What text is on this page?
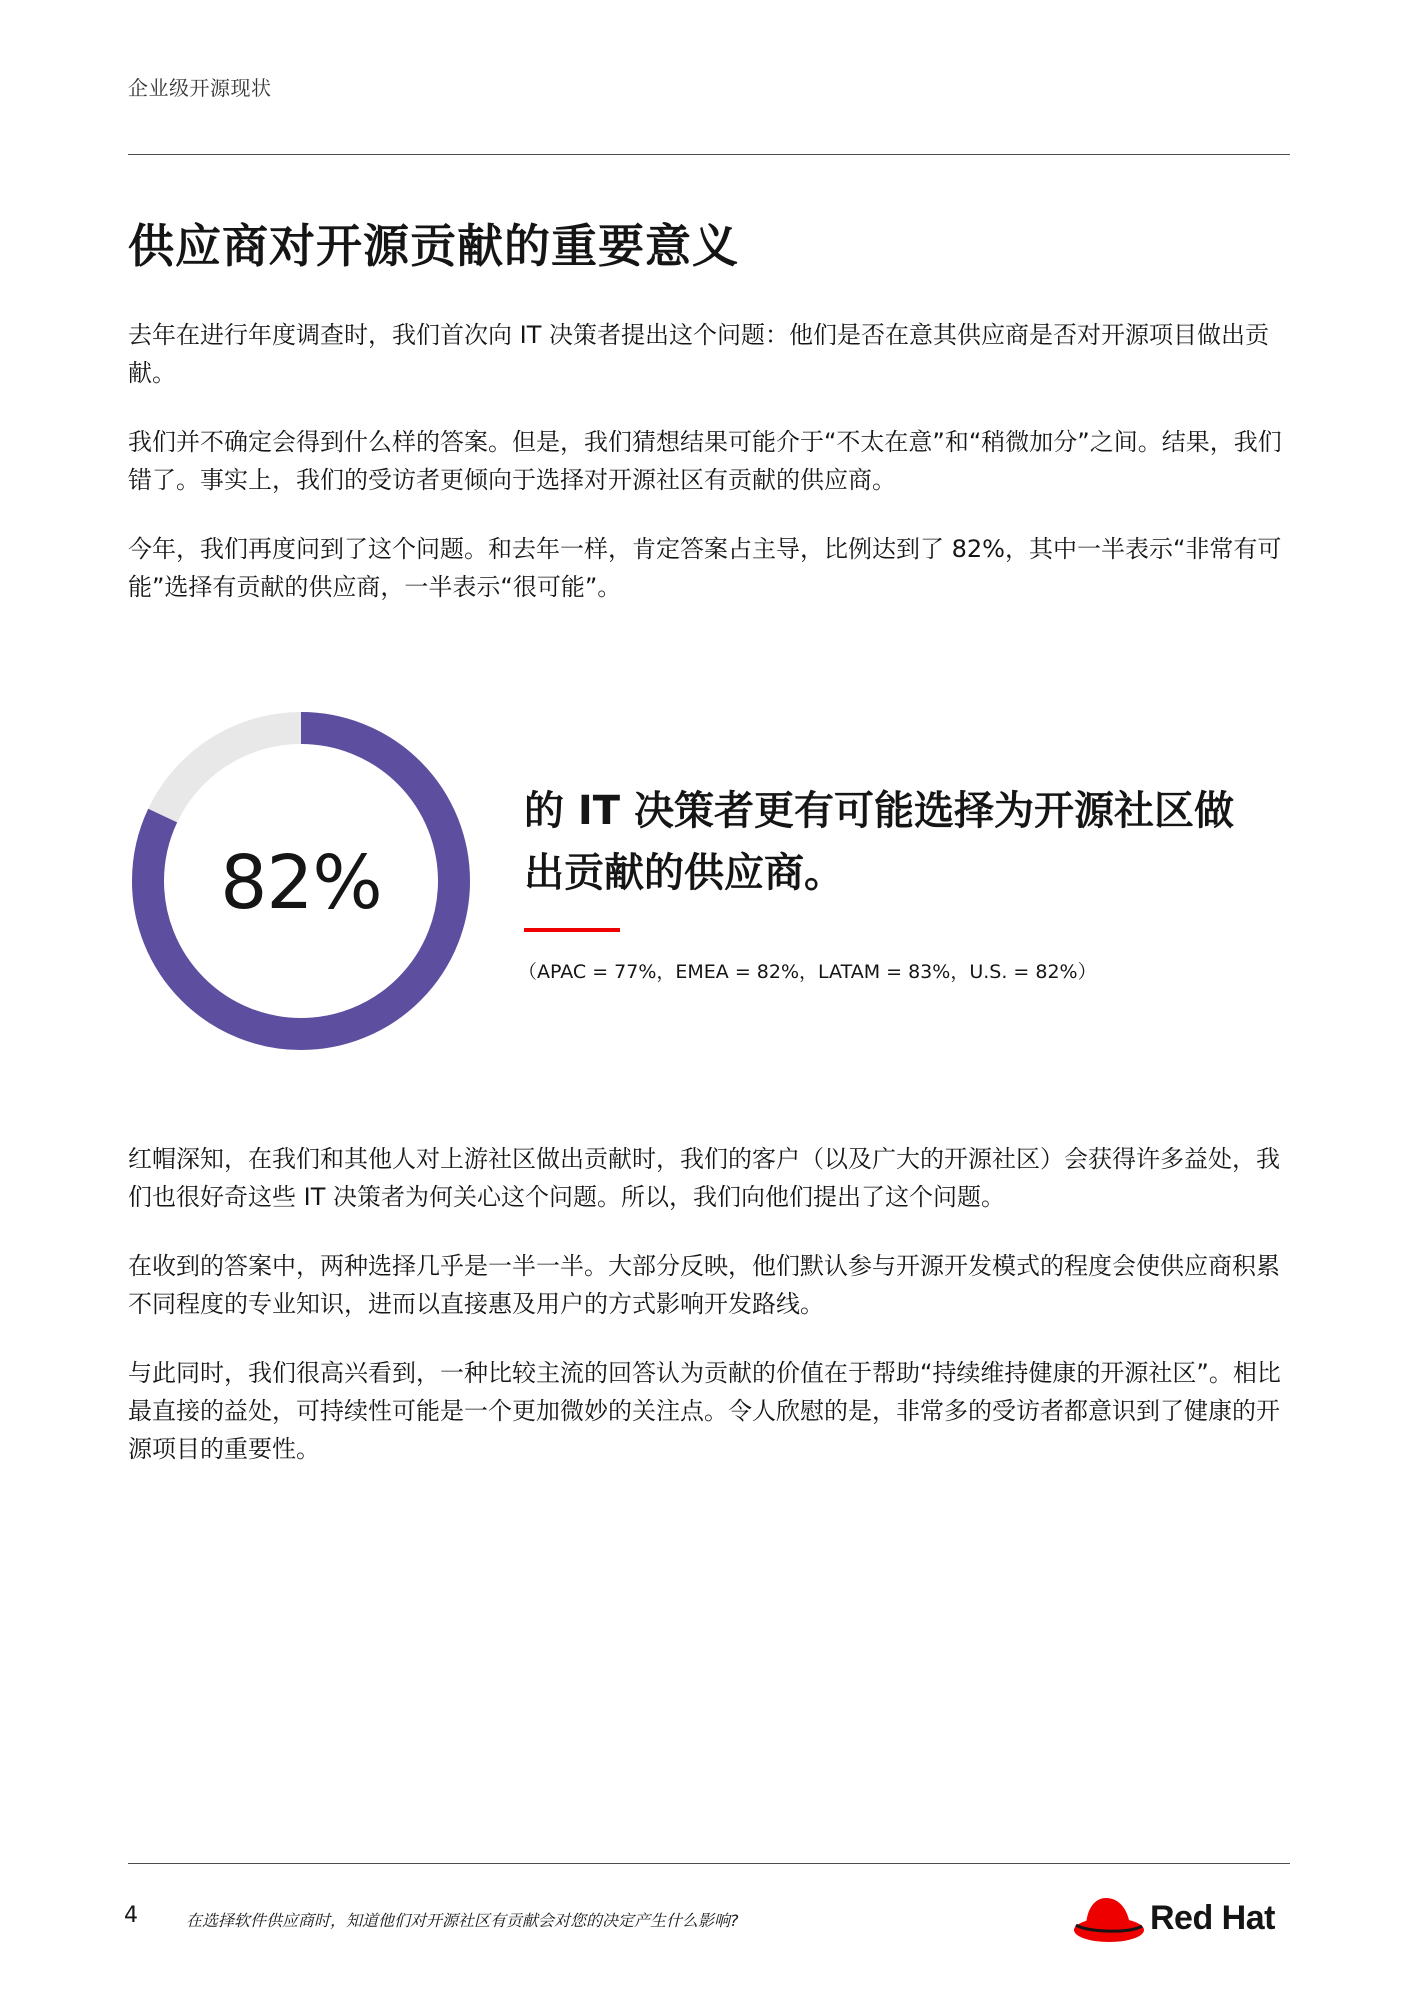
企业级开源现状
供应商对开源贡献的重要意义

去年在进行年度调查时，我们首次向 IT 决策者提出这个问题：他们是否在意其供应商是否对开源项目做出贡献。

我们并不确定会得到什么样的答案。但是，我们猜想结果可能介于“不太在意”和“稍微加分”之间。结果，我们错了。事实上，我们的受访者更倾向于选择对开源社区有贡献的供应商。

今年，我们再度问到了这个问题。和去年一样，肯定答案占主导，比例达到了 82%，其中一半表示“非常有可能”选择有贡献的供应商，一半表示“很可能”。

82%

的 IT 决策者更有可能选择为开源社区做出贡献的供应商。

（APAC = 77%，EMEA = 82%，LATAM = 83%，U.S. = 82%）

红帽深知，在我们和其他人对上游社区做出贡献时，我们的客户（以及广大的开源社区）会获得许多益处，我们也很好奇这些 IT 决策者为何关心这个问题。所以，我们向他们提出了这个问题。

在收到的答案中，两种选择几乎是一半一半。大部分反映，他们默认参与开源开发模式的程度会使供应商积累不同程度的专业知识，进而以直接惠及用户的方式影响开发路线。

与此同时，我们很高兴看到，一种比较主流的回答认为贡献的价值在于帮助“持续维持健康的开源社区”。相比最直接的益处，可持续性可能是一个更加微妙的关注点。令人欣慰的是，非常多的受访者都意识到了健康的开源项目的重要性。

4	在选择软件供应商时，知道他们对开源社区有贡献会对您的决定产生什么影响?	Red Hat
